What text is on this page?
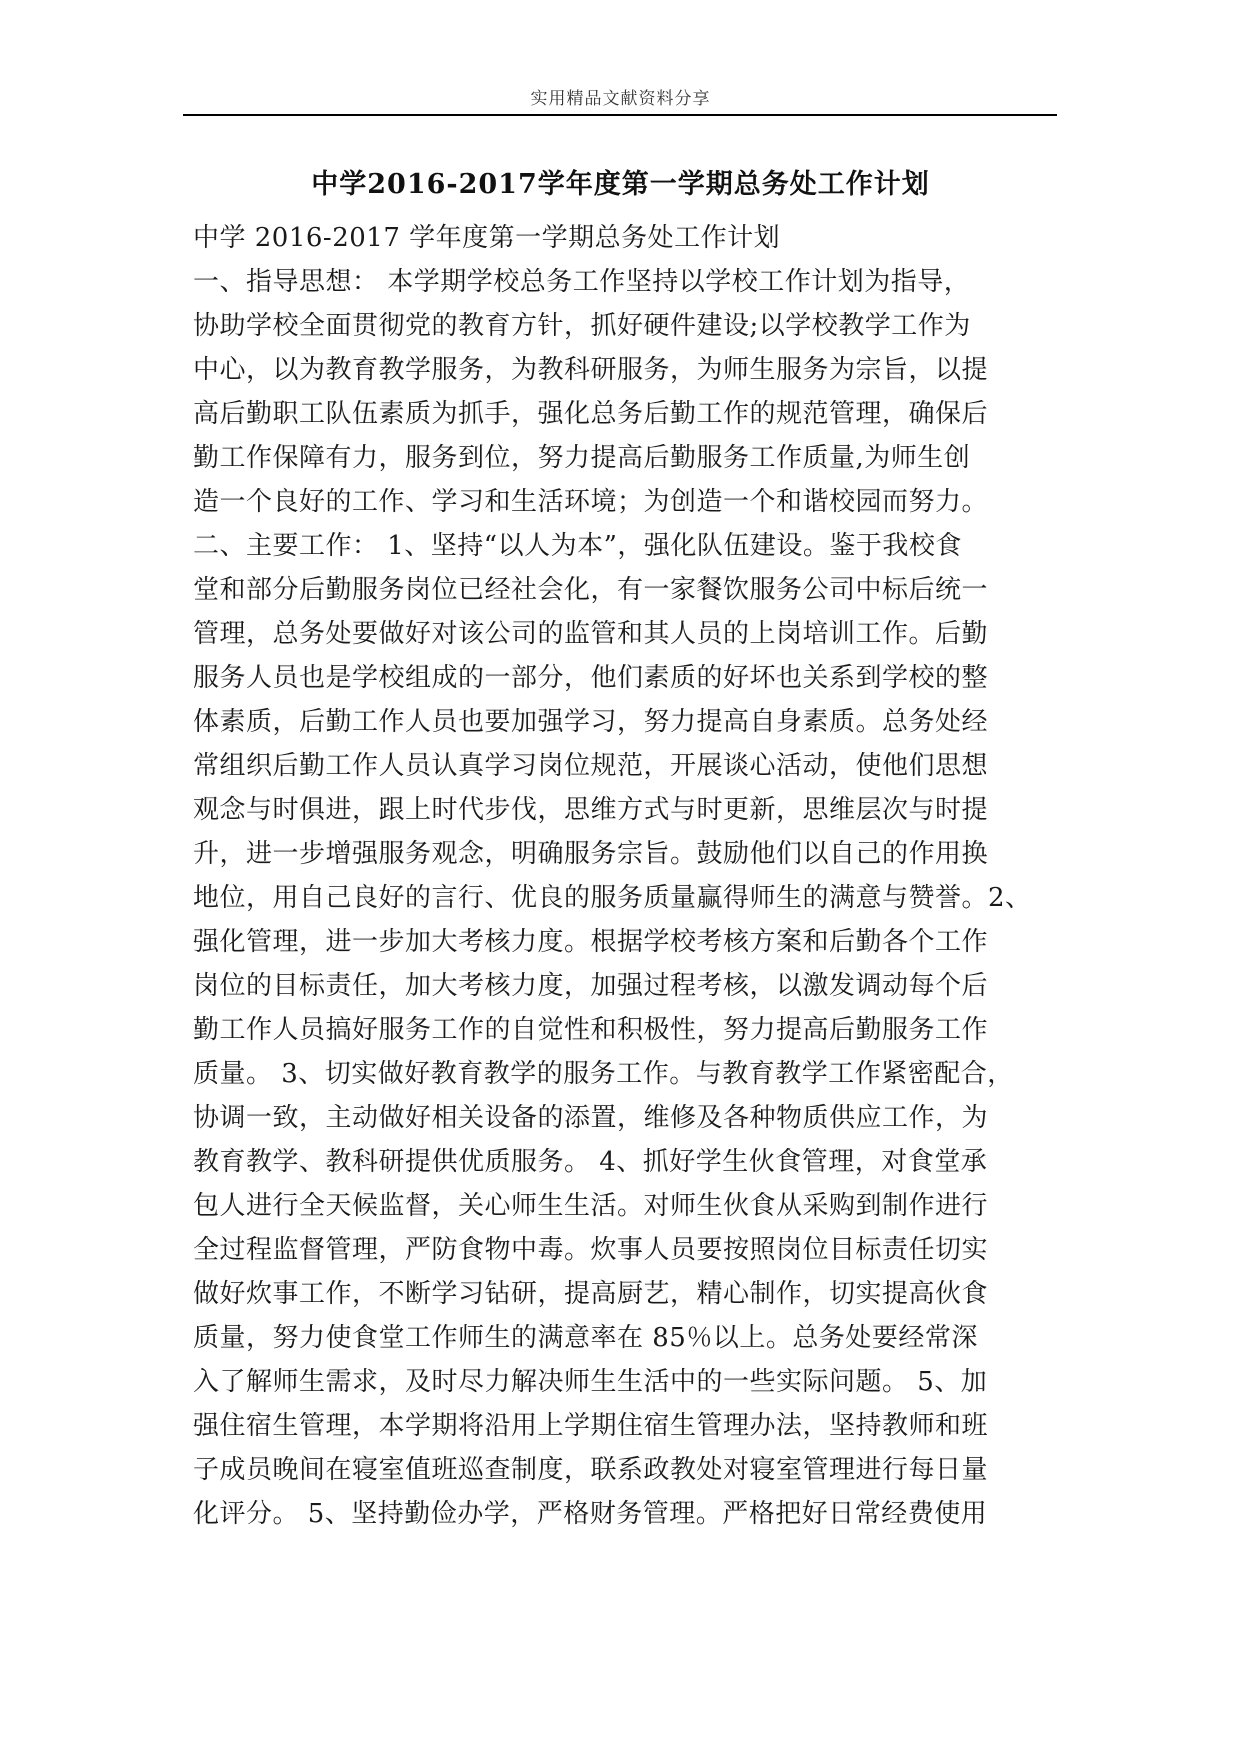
实用精品文献资料分享
中学2016-2017学年度第一学期总务处工作计划
中学 2016-2017 学年度第一学期总务处工作计划
一、指导思想： 本学期学校总务工作坚持以学校工作计划为指导，
协助学校全面贯彻党的教育方针，抓好硬件建设;以学校教学工作为
中心，以为教育教学服务，为教科研服务，为师生服务为宗旨，以提
高后勤职工队伍素质为抓手，强化总务后勤工作的规范管理，确保后
勤工作保障有力，服务到位，努力提高后勤服务工作质量,为师生创
造一个良好的工作、学习和生活环境；为创造一个和谐校园而努力。
二、主要工作： 1、坚持“以人为本”，强化队伍建设。鉴于我校食
堂和部分后勤服务岗位已经社会化，有一家餐饮服务公司中标后统一
管理，总务处要做好对该公司的监管和其人员的上岗培训工作。后勤
服务人员也是学校组成的一部分，他们素质的好坏也关系到学校的整
体素质，后勤工作人员也要加强学习，努力提高自身素质。总务处经
常组织后勤工作人员认真学习岗位规范，开展谈心活动，使他们思想
观念与时俱进，跟上时代步伐，思维方式与时更新，思维层次与时提
升，进一步增强服务观念，明确服务宗旨。鼓励他们以自己的作用换
地位，用自己良好的言行、优良的服务质量赢得师生的满意与赞誉。2、
强化管理，进一步加大考核力度。根据学校考核方案和后勤各个工作
岗位的目标责任，加大考核力度，加强过程考核，以激发调动每个后
勤工作人员搞好服务工作的自觉性和积极性，努力提高后勤服务工作
质量。 3、切实做好教育教学的服务工作。与教育教学工作紧密配合，
协调一致，主动做好相关设备的添置，维修及各种物质供应工作，为
教育教学、教科研提供优质服务。 4、抓好学生伙食管理，对食堂承
包人进行全天候监督，关心师生生活。对师生伙食从采购到制作进行
全过程监督管理，严防食物中毒。炊事人员要按照岗位目标责任切实
做好炊事工作，不断学习钻研，提高厨艺，精心制作，切实提高伙食
质量，努力使食堂工作师生的满意率在 85％以上。总务处要经常深
入了解师生需求，及时尽力解决师生生活中的一些实际问题。 5、加
强住宿生管理，本学期将沿用上学期住宿生管理办法，坚持教师和班
子成员晚间在寝室值班巡查制度，联系政教处对寝室管理进行每日量
化评分。 5、坚持勤俭办学，严格财务管理。严格把好日常经费使用
